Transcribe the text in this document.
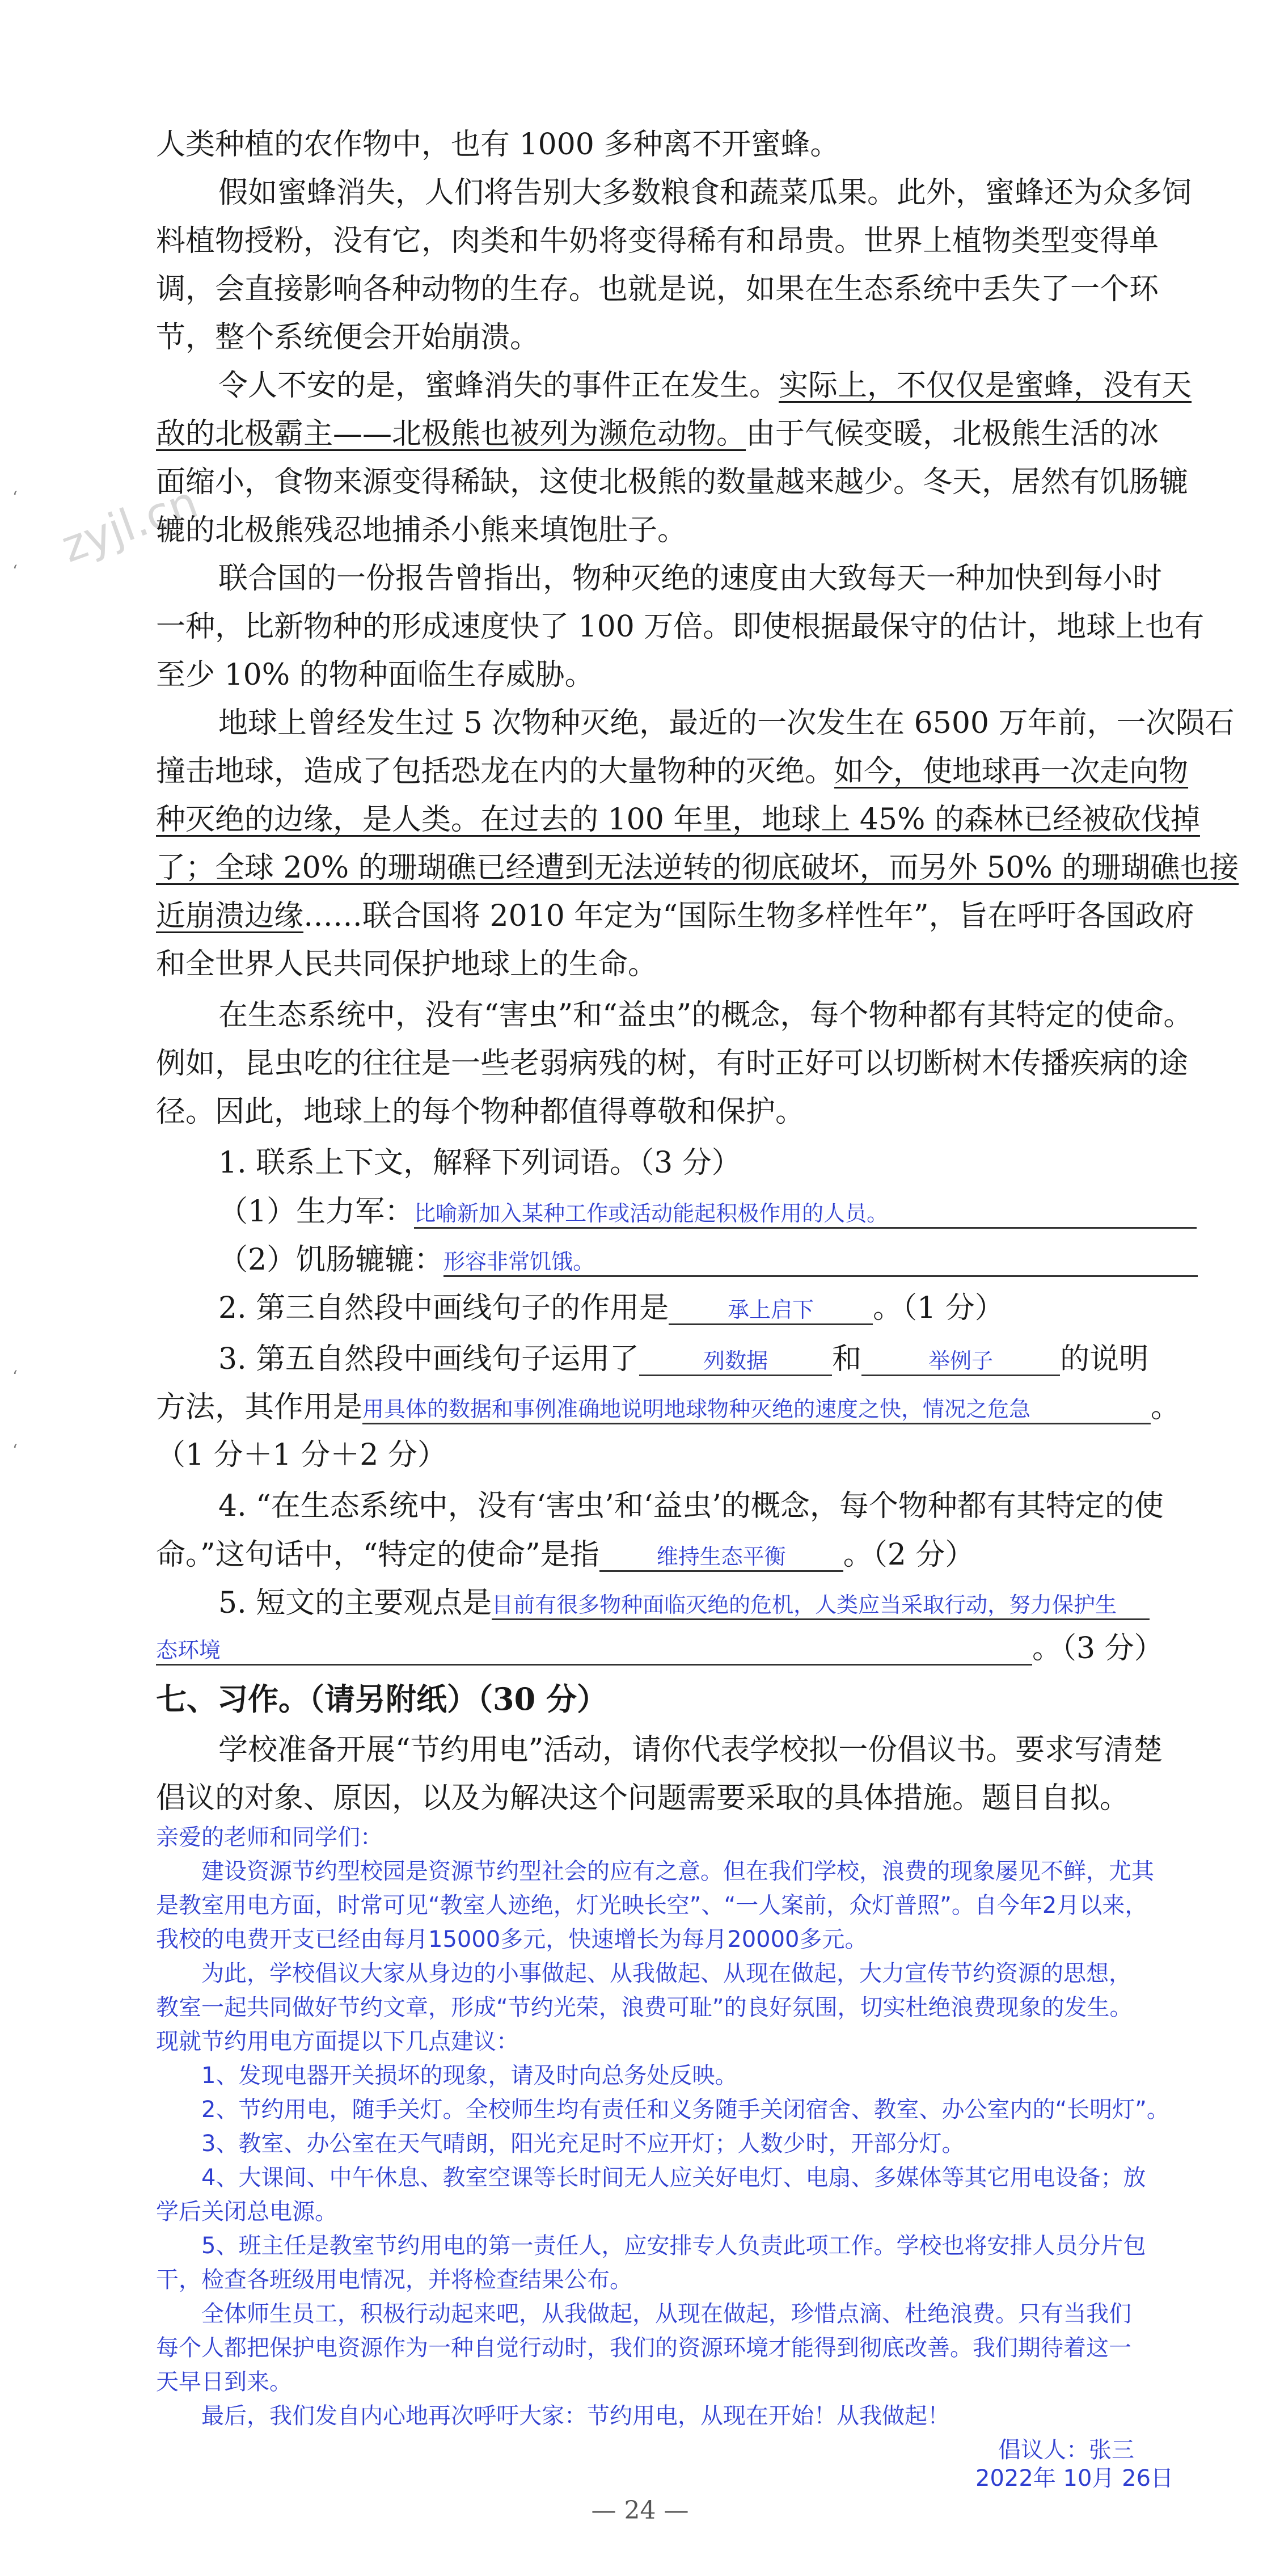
zyjl.cn
‘
‘
‘
‘
人类种植的农作物中，也有 1000 多种离不开蜜蜂。
假如蜜蜂消失，人们将告别大多数粮食和蔬菜瓜果。此外，蜜蜂还为众多饲
料植物授粉，没有它，肉类和牛奶将变得稀有和昂贵。世界上植物类型变得单
调，会直接影响各种动物的生存。也就是说，如果在生态系统中丢失了一个环
节，整个系统便会开始崩溃。
令人不安的是，蜜蜂消失的事件正在发生。实际上，不仅仅是蜜蜂，没有天
敌的北极霸主——北极熊也被列为濒危动物。由于气候变暖，北极熊生活的冰
面缩小，食物来源变得稀缺，这使北极熊的数量越来越少。冬天，居然有饥肠辘
辘的北极熊残忍地捕杀小熊来填饱肚子。
联合国的一份报告曾指出，物种灭绝的速度由大致每天一种加快到每小时
一种，比新物种的形成速度快了 100 万倍。即使根据最保守的估计，地球上也有
至少 10% 的物种面临生存威胁。
地球上曾经发生过 5 次物种灭绝，最近的一次发生在 6500 万年前，一次陨石
撞击地球，造成了包括恐龙在内的大量物种的灭绝。如今，使地球再一次走向物
种灭绝的边缘，是人类。在过去的 100 年里，地球上 45% 的森林已经被砍伐掉
了；全球 20% 的珊瑚礁已经遭到无法逆转的彻底破坏，而另外 50% 的珊瑚礁也接
近崩溃边缘……联合国将 2010 年定为“国际生物多样性年”，旨在呼吁各国政府
和全世界人民共同保护地球上的生命。
在生态系统中，没有“害虫”和“益虫”的概念，每个物种都有其特定的使命。
例如，昆虫吃的往往是一些老弱病残的树，有时正好可以切断树木传播疾病的途
径。因此，地球上的每个物种都值得尊敬和保护。
1. 联系上下文，解释下列词语。（3 分）
（1）生力军：比喻新加入某种工作或活动能起积极作用的人员。
（2）饥肠辘辘：形容非常饥饿。
2. 第三自然段中画线句子的作用是	承上启下 。（1 分）
3. 第五自然段中画线句子运用了	列数据 和	举例子 的说明
方法，其作用是用具体的数据和事例准确地说明地球物种灭绝的速度之快，情况之危急	。
（1 分＋1 分＋2 分）
4. “在生态系统中，没有‘害虫’和‘益虫’的概念，每个物种都有其特定的使
命。”这句话中，“特定的使命”是指	维持生态平衡 。（2 分）
5. 短文的主要观点是目前有很多物种面临灭绝的危机，人类应当采取行动，努力保护生
态环境	。（3 分）
七、习作。（请另附纸）（30 分）
学校准备开展“节约用电”活动，请你代表学校拟一份倡议书。要求写清楚
倡议的对象、原因，以及为解决这个问题需要采取的具体措施。题目自拟。
亲爱的老师和同学们：
建设资源节约型校园是资源节约型社会的应有之意。但在我们学校，浪费的现象屡见不鲜，尤其
是教室用电方面，时常可见“教室人迹绝，灯光映长空”、“一人案前，众灯普照”。自今年2月以来，
我校的电费开支已经由每月15000多元，快速增长为每月20000多元。
为此，学校倡议大家从身边的小事做起、从我做起、从现在做起，大力宣传节约资源的思想，
教室一起共同做好节约文章，形成“节约光荣，浪费可耻”的良好氛围，切实杜绝浪费现象的发生。
现就节约用电方面提以下几点建议：
1、发现电器开关损坏的现象，请及时向总务处反映。
2、节约用电，随手关灯。全校师生均有责任和义务随手关闭宿舍、教室、办公室内的“长明灯”。
3、教室、办公室在天气晴朗，阳光充足时不应开灯；人数少时，开部分灯。
4、大课间、中午休息、教室空课等长时间无人应关好电灯、电扇、多媒体等其它用电设备；放
学后关闭总电源。
5、班主任是教室节约用电的第一责任人，应安排专人负责此项工作。学校也将安排人员分片包
干，检查各班级用电情况，并将检查结果公布。
全体师生员工，积极行动起来吧，从我做起，从现在做起，珍惜点滴、杜绝浪费。只有当我们
每个人都把保护电资源作为一种自觉行动时，我们的资源环境才能得到彻底改善。我们期待着这一
天早日到来。
最后，我们发自内心地再次呼吁大家：节约用电，从现在开始！从我做起！
倡议人：张三
2022年 10月 26日
— 24 —
